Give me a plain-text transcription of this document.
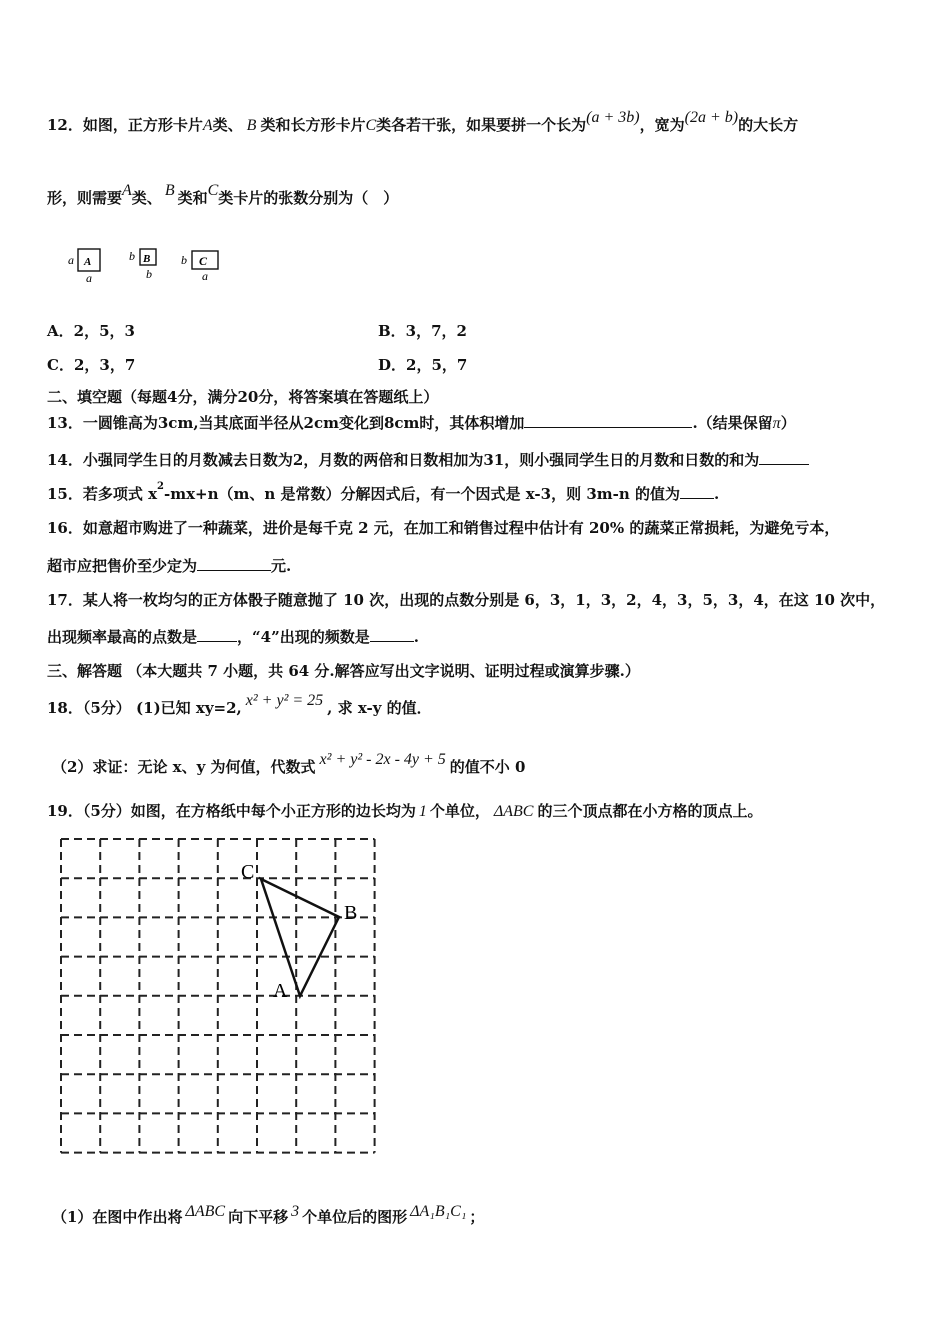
12．如图，正方形卡片A类、 B 类和长方形卡片C类各若干张，如果要拼一个长为(a + 3b)，宽为(2a + b)的大长方
形，则需要A类、 B 类和C类卡片的张数分别为（　）
a A
a
b B
b
b C
a
A．2，5，3	B．3，7，2
C．2，3，7	D．2，5，7
二、填空题（每题4分，满分20分，将答案填在答题纸上）
13．一圆锥高为3cm,当其底面半径从2cm变化到8cm时，其体积增加	.（结果保留π）
14．小强同学生日的月数减去日数为2，月数的两倍和日数相加为31，则小强同学生日的月数和日数的和为
15．若多项式 $x^2-mx+n(m$、n 是常数）分解因式后，有一个因式是 x-3，则 3m-n 的值为 .
16．如意超市购进了一种蔬菜，进价是每千克 2 元，在加工和销售过程中估计有 20% 的蔬菜正常损耗，为避免亏本，
超市应把售价至少定为	元.
17．某人将一枚均匀的正方体骰子随意抛了 10 次，出现的点数分别是 6，3，1，3，2，4，3，5，3，4，在这 10 次中，
出现频率最高的点数是	，“4”出现的频数是	.
三、解答题 （本大题共 7 小题，共 64 分.解答应写出文字说明、证明过程或演算步骤.）
18．（5分） (1)已知 xy=2, x² + y² = 25 , 求 x-y 的值．
（2）求证：无论 x、y 为何值，代数式 x² + y² - 2x - 4y + 5 的值不小 0
19．（5分）如图，在方格纸中每个小正方形的边长均为 1 个单位， ΔABC 的三个顶点都在小方格的顶点上。
C
B
A
（1）在图中作出将 ΔABC 向下平移 3 个单位后的图形 ΔA₁B₁C₁ ；
